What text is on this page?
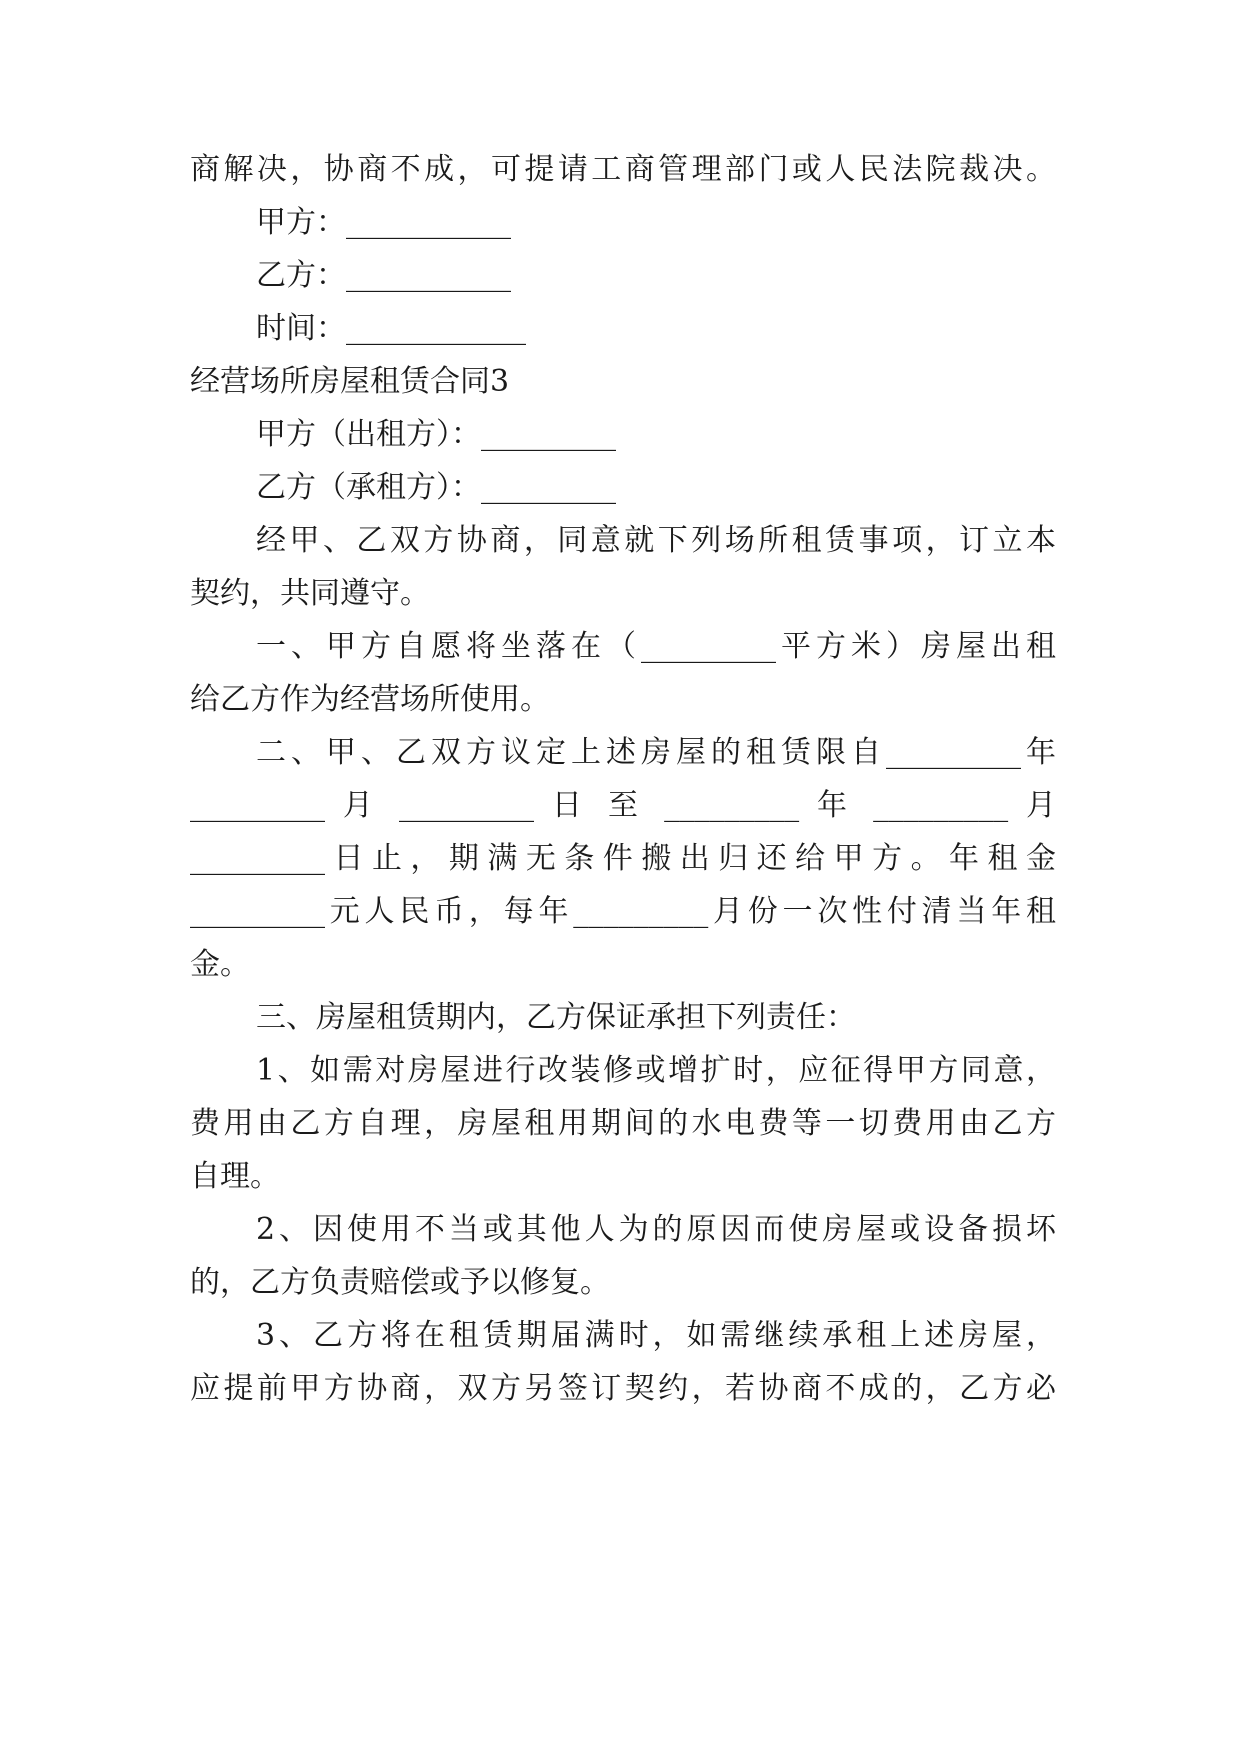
商解决，协商不成，可提请工商管理部门或人民法院裁决。
甲方：___________
乙方：___________
时间：____________
经营场所房屋租赁合同3
甲方（出租方）：_________
乙方（承租方）：_________
经甲、乙双方协商，同意就下列场所租赁事项，订立本
契约，共同遵守。
一、甲方自愿将坐落在（_________平方米）房屋出租
给乙方作为经营场所使用。
二、甲、乙双方议定上述房屋的租赁限自_________年
_________ 月 _________ 日 至 _________ 年 _________ 月
_________日止，期满无条件搬出归还给甲方。年租金
_________元人民币，每年_________月份一次性付清当年租
金。
三、房屋租赁期内，乙方保证承担下列责任：
1、如需对房屋进行改装修或增扩时，应征得甲方同意，
费用由乙方自理，房屋租用期间的水电费等一切费用由乙方
自理。
2、因使用不当或其他人为的原因而使房屋或设备损坏
的，乙方负责赔偿或予以修复。
3、乙方将在租赁期届满时，如需继续承租上述房屋，
应提前甲方协商，双方另签订契约，若协商不成的，乙方必
